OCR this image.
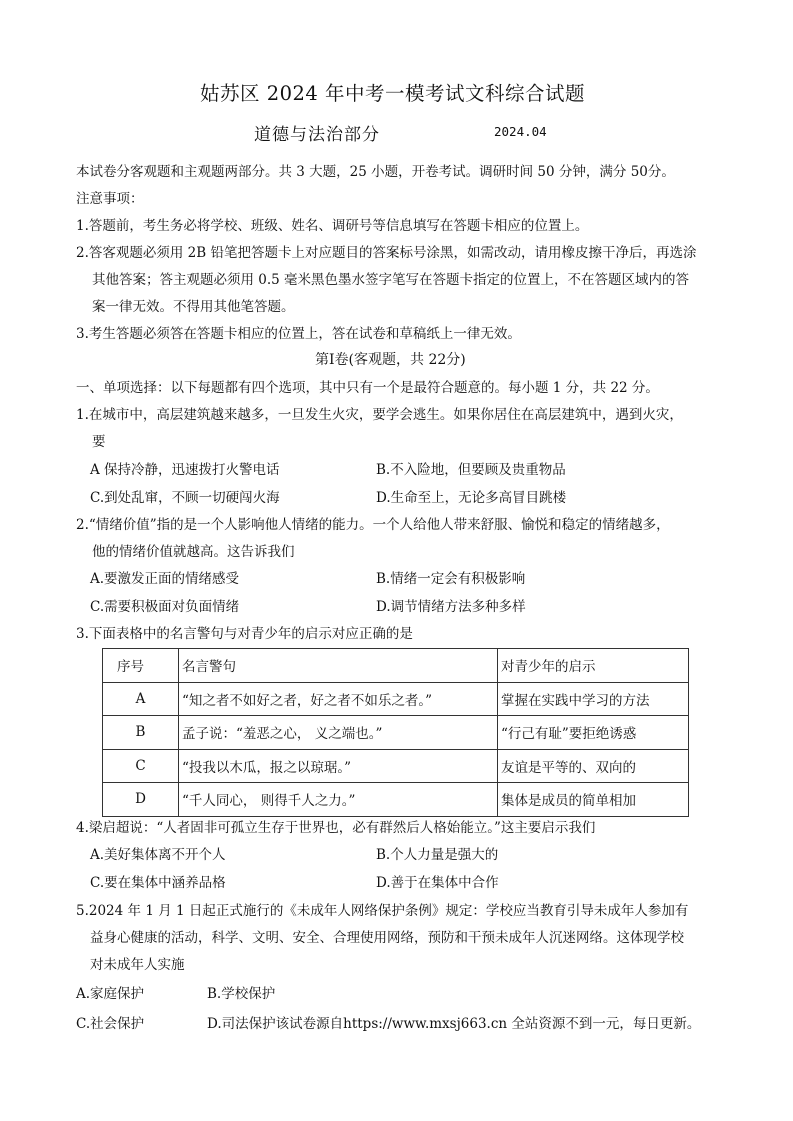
姑苏区 2024 年中考一模考试文科综合试题
道德与法治部分	2024.04
本试卷分客观题和主观题两部分。共 3 大题，25 小题，开卷考试。调研时间 50 分钟，满分 50分。
注意事项：
1.答题前，考生务必将学校、班级、姓名、调研号等信息填写在答题卡相应的位置上。
2.答客观题必须用 2B 铅笔把答题卡上对应题目的答案标号涂黑，如需改动，请用橡皮擦干净后，再选涂
其他答案；答主观题必须用 0.5 毫米黑色墨水签字笔写在答题卡指定的位置上，不在答题区域内的答
案一律无效。不得用其他笔答题。
3.考生答题必须答在答题卡相应的位置上，答在试卷和草稿纸上一律无效。
第Ⅰ卷(客观题，共 22分)
一、单项选择：以下每题都有四个选项，其中只有一个是最符合题意的。每小题 1 分，共 22 分。
1.在城市中，高层建筑越来越多，一旦发生火灾，要学会逃生。如果你居住在高层建筑中，遇到火灾，
要
A 保持冷静，迅速拨打火警电话	B.不入险地，但要顾及贵重物品
C.到处乱窜，不顾一切硬闯火海	D.生命至上，无论多高冒目跳楼
2.“情绪价值”指的是一个人影响他人情绪的能力。一个人给他人带来舒服、愉悦和稳定的情绪越多，
他的情绪价值就越高。这告诉我们
A.要激发正面的情绪感受	B.情绪一定会有积极影响
C.需要积极面对负面情绪	D.调节情绪方法多种多样
3.下面表格中的名言警句与对青少年的启示对应正确的是
序号	名言警句	对青少年的启示
A	“知之者不如好之者，好之者不如乐之者。”	掌握在实践中学习的方法
B	孟子说：“羞恶之心， 义之端也。”	“行己有耻”要拒绝诱惑
C	“投我以木瓜，报之以琼琚。”	友谊是平等的、双向的
D	“千人同心， 则得千人之力。”	集体是成员的简单相加
4.梁启超说：“人者固非可孤立生存于世界也，必有群然后人格始能立。”这主要启示我们
A.美好集体离不开个人	B.个人力量是强大的
C.要在集体中涵养品格	D.善于在集体中合作
5.2024 年 1 月 1 日起正式施行的《未成年人网络保护条例》规定：学校应当教育引导未成年人参加有
益身心健康的活动，科学、文明、安全、合理使用网络，预防和干预未成年人沉迷网络。这体现学校
对未成年人实施
A.家庭保护	B.学校保护
C.社会保护	D.司法保护该试卷源自https://www.mxsj663.cn 全站资源不到一元，每日更新。
